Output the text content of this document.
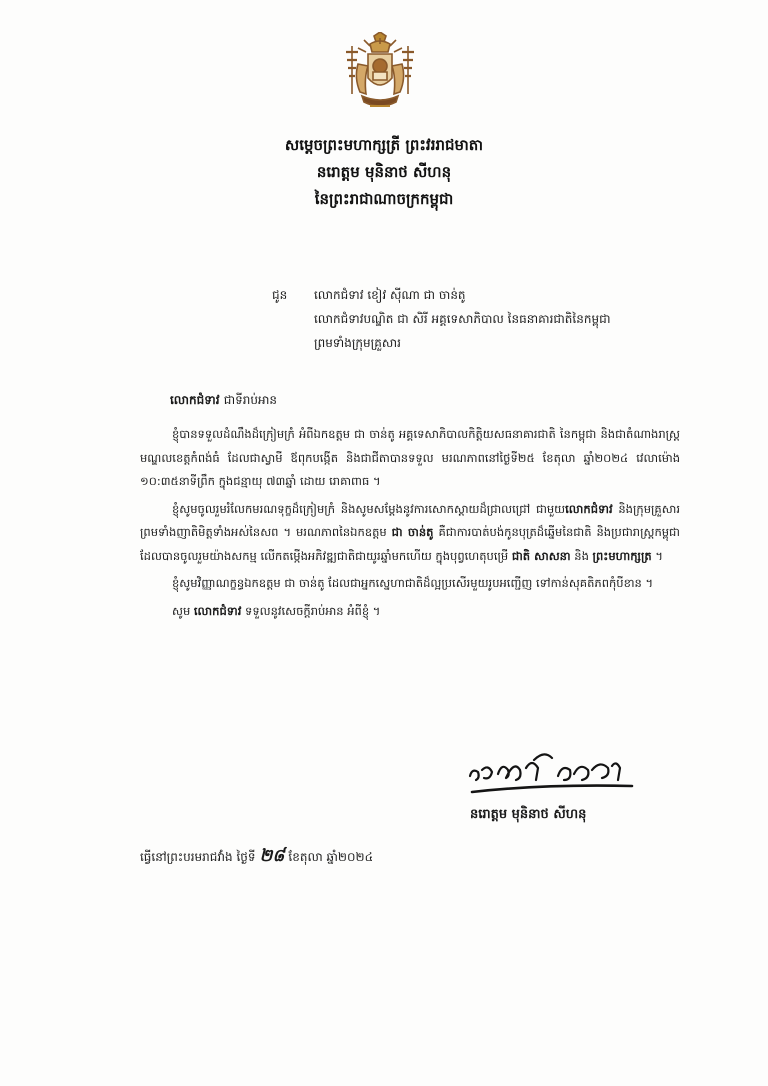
សម្តេចព្រះមហាក្សត្រី ព្រះវររាជមាតា
នរោត្តម មុនិនាថ សីហនុ
នៃព្រះរាជាណាចក្រកម្ពុជា
ជូន លោកជំទាវ ខៀវ ស៊ីណា ជា ចាន់តូ
លោកជំទាវបណ្ឌិត ជា សិរី អគ្គទេសាភិបាល នៃធនាគារជាតិនៃកម្ពុជា
ព្រមទាំងក្រុមគ្រួសារ
លោកជំទាវ ជាទីរាប់អាន

ខ្ញុំបានទទួលដំណឹងដ៏ក្រៀមក្រំ អំពីឯកឧត្តម ជា ចាន់តូ អគ្គទេសាភិបាលកិត្តិយសធនាគារជាតិ នៃកម្ពុជា និងជាតំណាងរាស្ត្រមណ្ឌលខេត្តកំពង់ធំ ដែលជាស្វាមី ឪពុកបង្កើត និងជាជីតាបានទទួល មរណភាពនៅថ្ងៃទី២៥ ខែតុលា ឆ្នាំ២០២៤ វេលាម៉ោង ១០:៣៥នាទីព្រឹក ក្នុងជន្មាយុ ៧៣ឆ្នាំ ដោយ រោគាពាធ ។

ខ្ញុំសូមចូលរួមរំលែកមរណទុក្ខដ៏ក្រៀមក្រំ និងសូមសម្តែងនូវការសោកស្តាយដ៏ជ្រាលជ្រៅ ជាមួយលោកជំទាវ និងក្រុមគ្រួសារ ព្រមទាំងញាតិមិត្តទាំងអស់នៃសព ។ មរណភាពនៃឯកឧត្តម ជា ចាន់តូ គឺជាការបាត់បង់កូនបុត្រដ៏ឆ្នើមនៃជាតិ និងប្រជារាស្ត្រកម្ពុជា ដែលបានចូលរួមយ៉ាងសកម្ម លើកតម្កើងអភិវឌ្ឍជាតិជាយូរឆ្នាំមកហើយ ក្នុងបុព្វហេតុបម្រើ ជាតិ សាសនា និង ព្រះមហាក្សត្រ ។

ខ្ញុំសូមវិញ្ញាណក្ខន្ធឯកឧត្តម ជា ចាន់តូ ដែលជាអ្នកស្នេហាជាតិដ៏ល្អប្រសើរមួយរូបអញ្ជើញ ទៅកាន់សុគតិភពកុំបីខាន ។

សូម លោកជំទាវ ទទួលនូវសេចក្តីរាប់អាន អំពីខ្ញុំ ។

នរោត្តម មុនិនាថ សីហនុ
ធ្វើនៅព្រះបរមរាជវាំង ថ្ងៃទី ២៨ ខែតុលា ឆ្នាំ២០២៤
